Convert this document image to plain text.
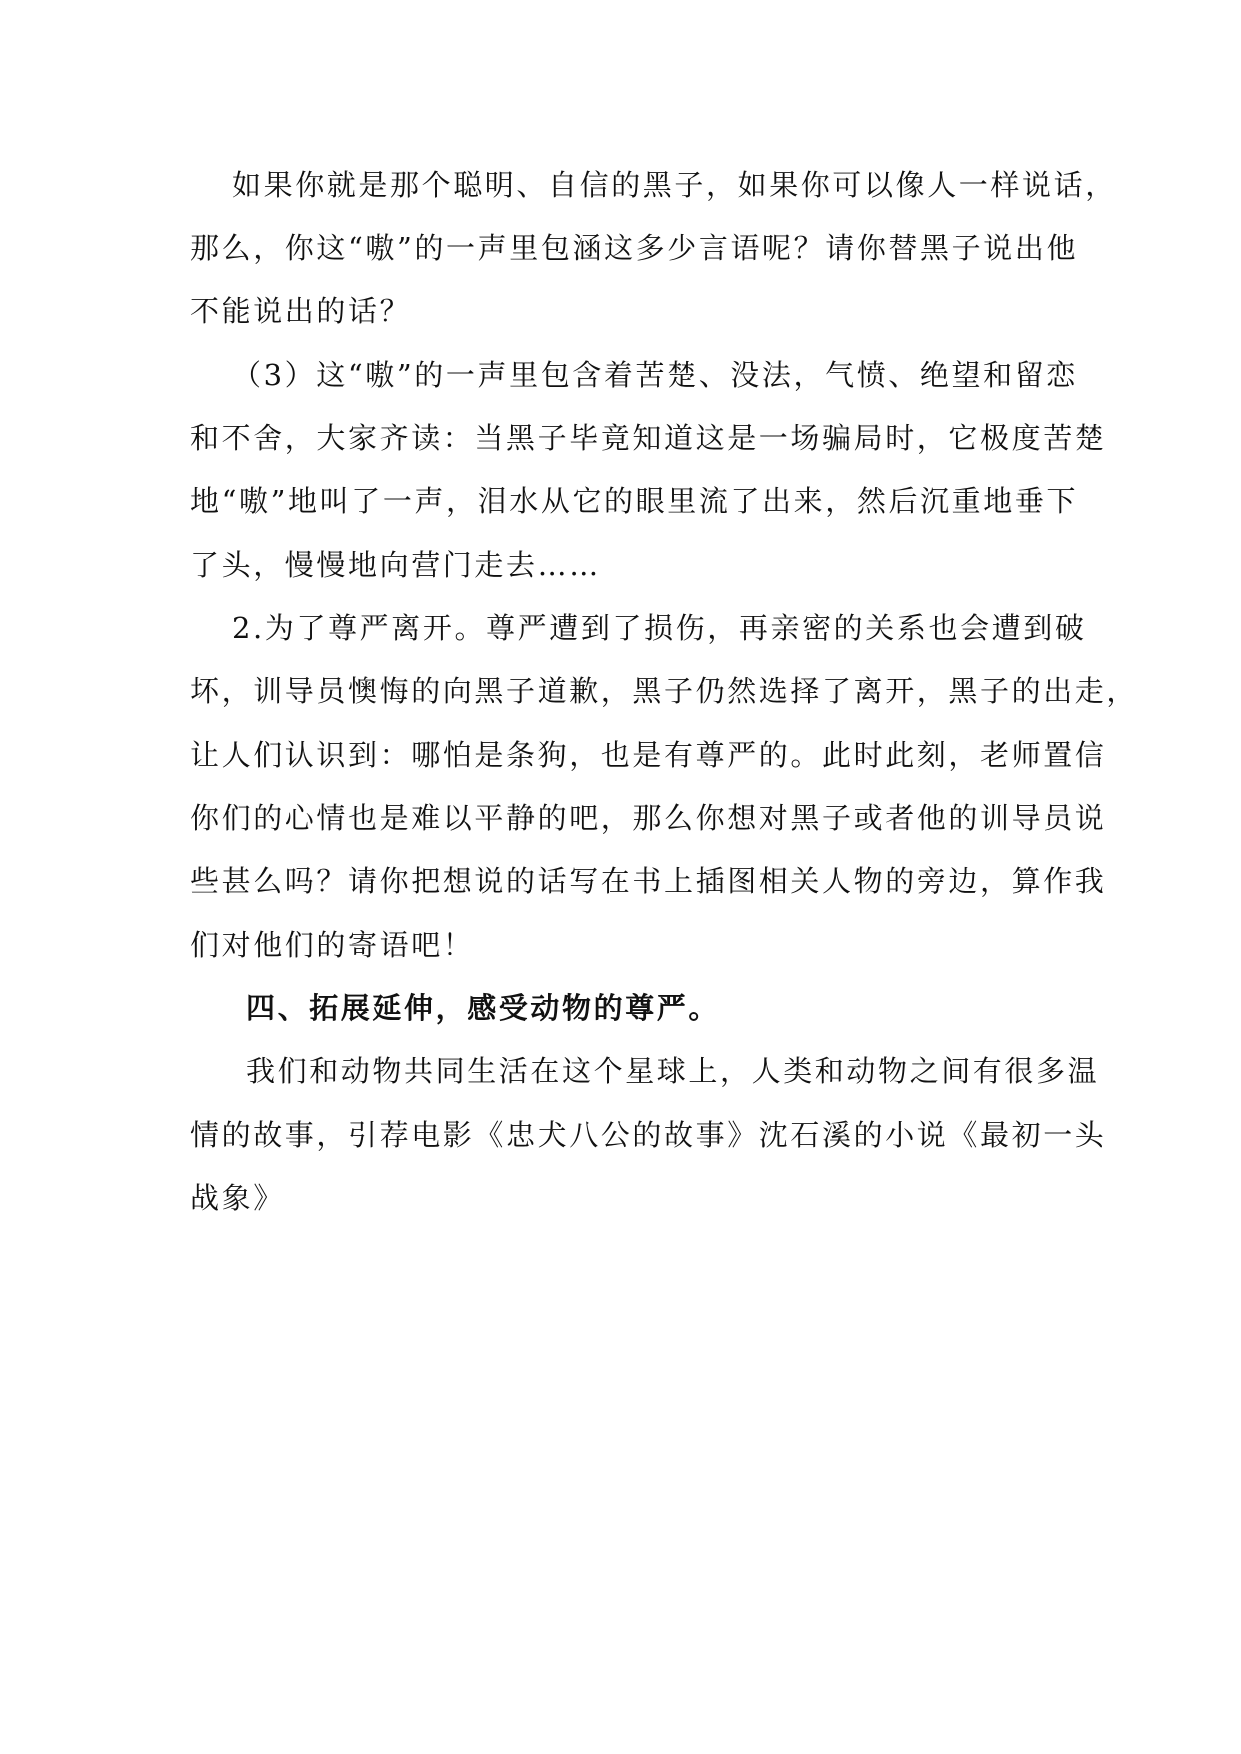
如果你就是那个聪明、自信的黑子，如果你可以像人一样说话，

那么，你这“嗷”的一声里包涵这多少言语呢？请你替黑子说出他

不能说出的话？

（3）这“嗷”的一声里包含着苦楚、没法，气愤、绝望和留恋

和不舍，大家齐读：当黑子毕竟知道这是一场骗局时，它极度苦楚

地“嗷”地叫了一声，泪水从它的眼里流了出来，然后沉重地垂下

了头，慢慢地向营门走去……

2.为了尊严离开。尊严遭到了损伤，再亲密的关系也会遭到破

坏，训导员懊悔的向黑子道歉，黑子仍然选择了离开，黑子的出走，

让人们认识到：哪怕是条狗，也是有尊严的。此时此刻，老师置信

你们的心情也是难以平静的吧，那么你想对黑子或者他的训导员说

些甚么吗？请你把想说的话写在书上插图相关人物的旁边，算作我

们对他们的寄语吧！

四、拓展延伸，感受动物的尊严。

我们和动物共同生活在这个星球上，人类和动物之间有很多温

情的故事，引荐电影《忠犬八公的故事》沈石溪的小说《最初一头

战象》
